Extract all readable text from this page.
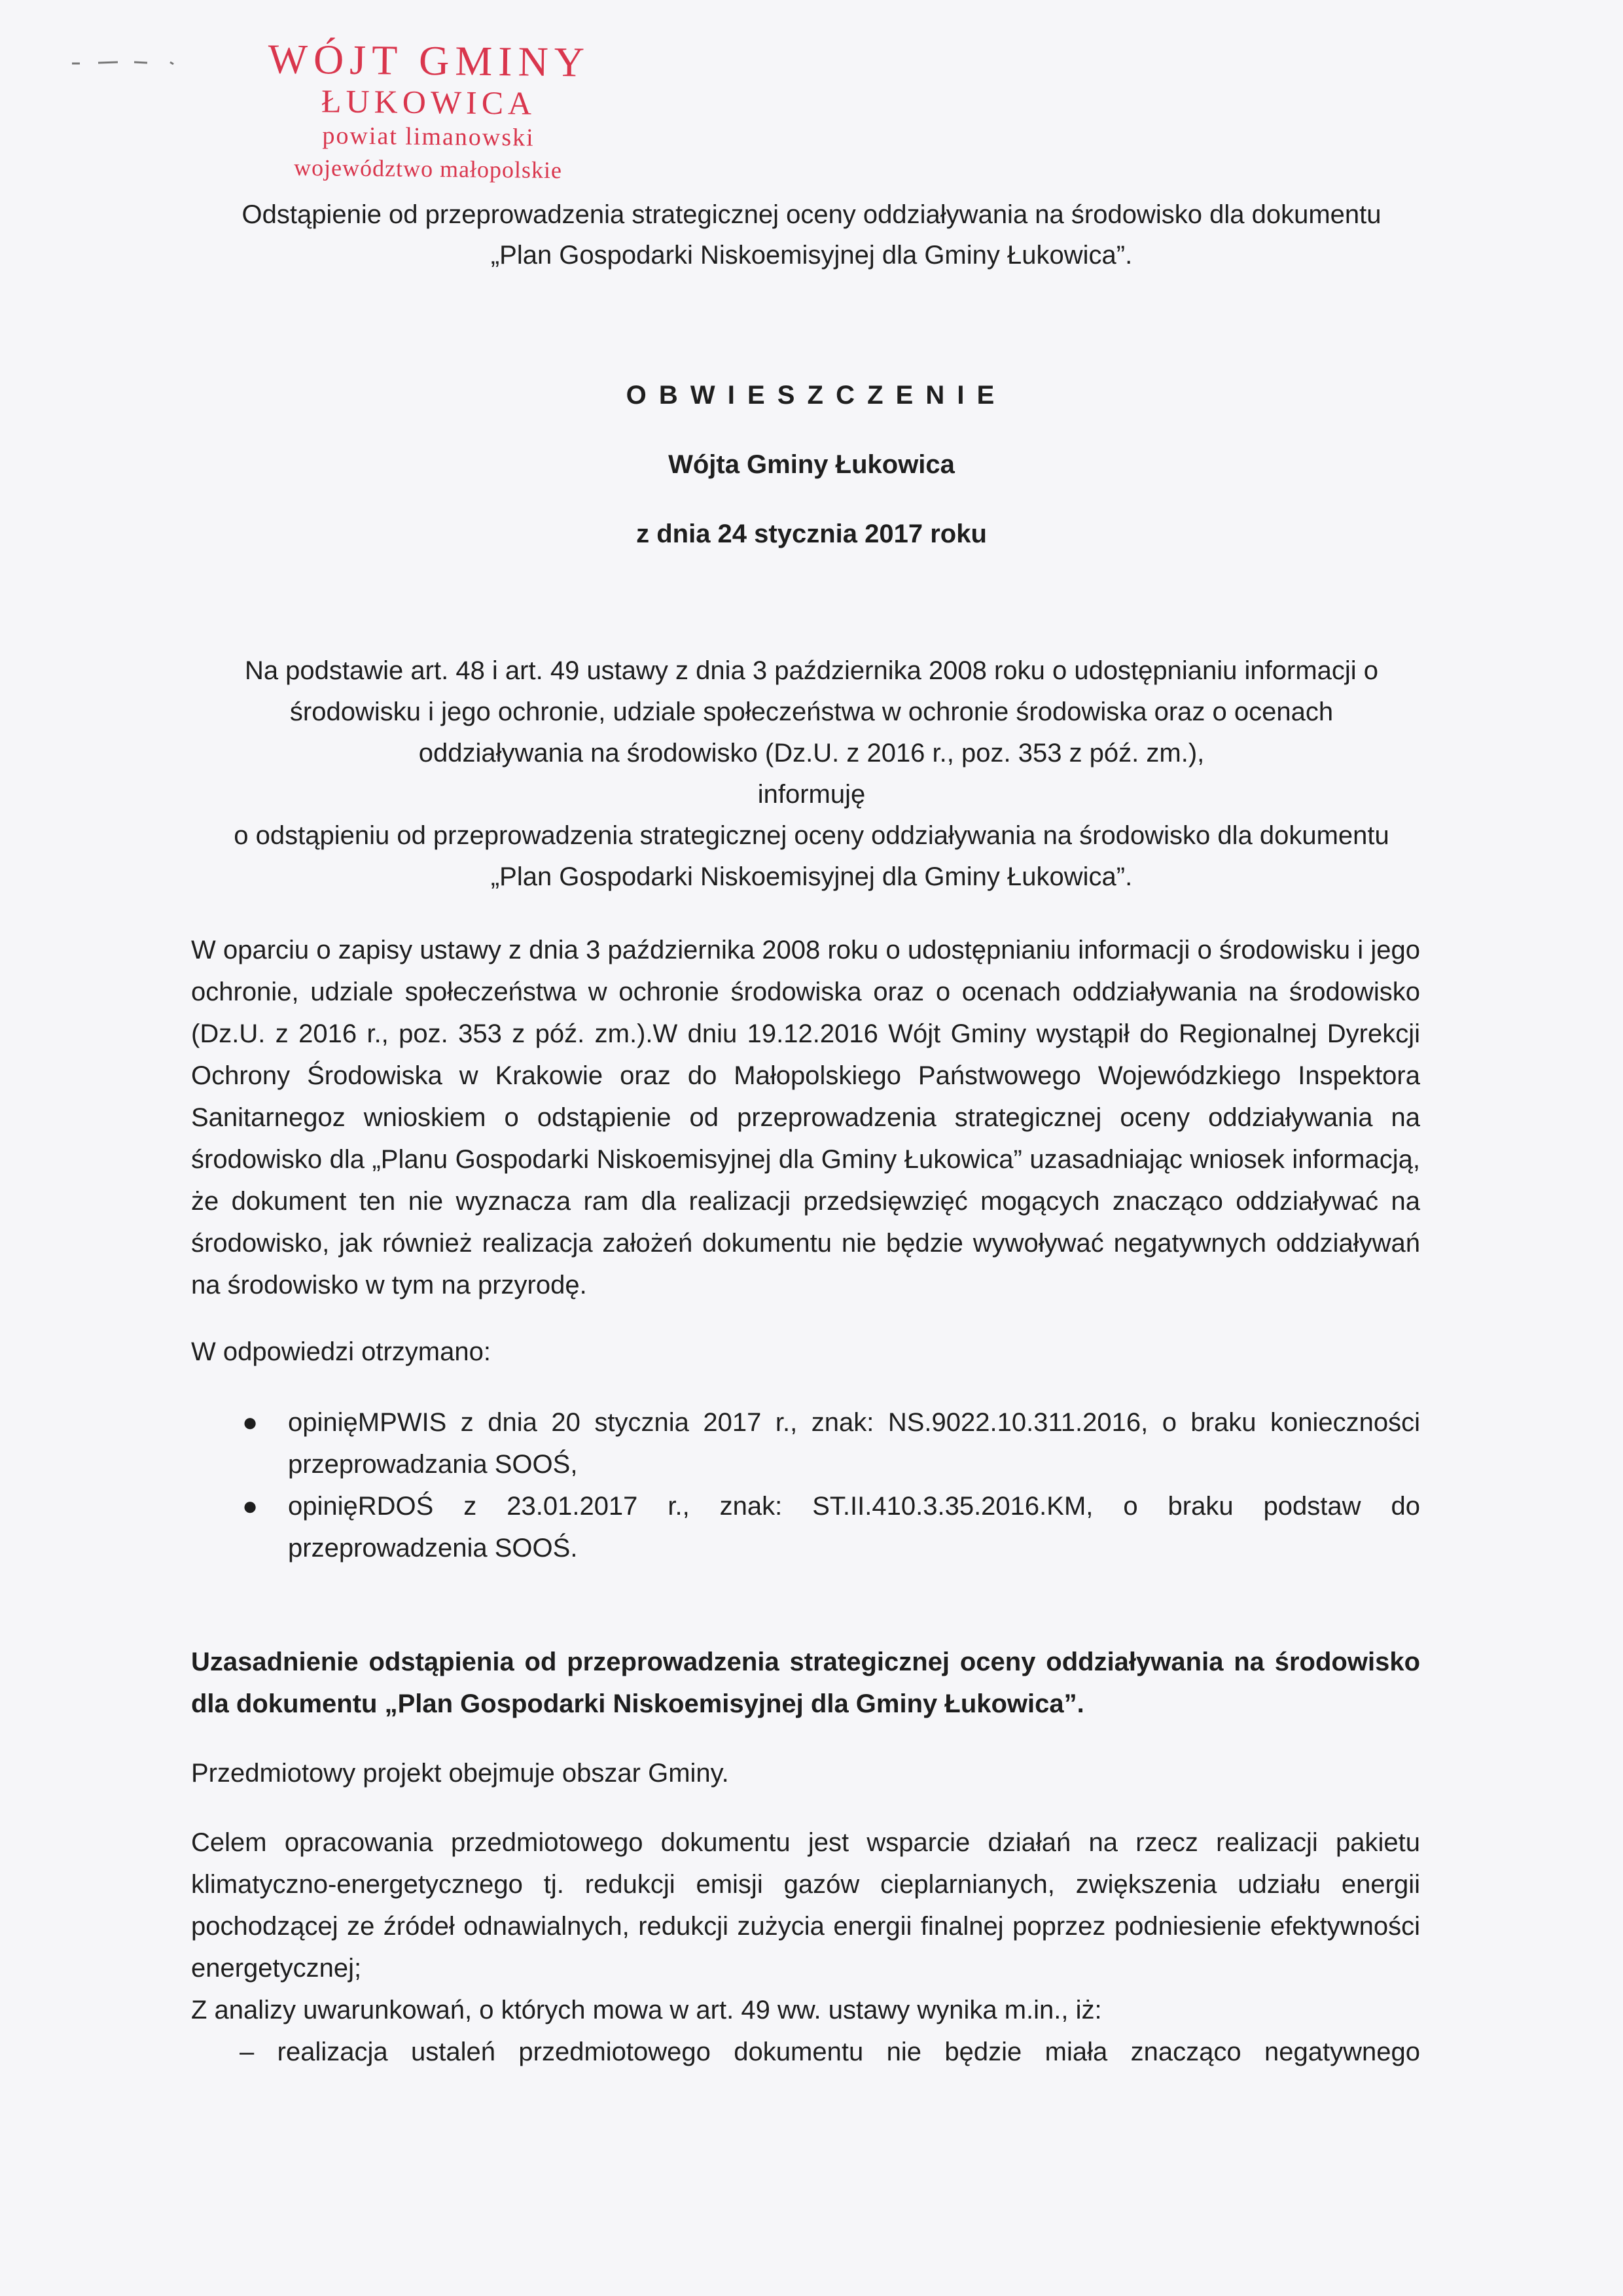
WÓJT GMINY
ŁUKOWICA
powiat limanowski
województwo małopolskie
Odstąpienie od przeprowadzenia strategicznej oceny oddziaływania na środowisko dla dokumentu
„Plan Gospodarki Niskoemisyjnej dla Gminy Łukowica”.
O B W I E S Z C Z E N I E
Wójta Gminy Łukowica
z dnia 24 stycznia 2017 roku
Na podstawie art. 48 i art. 49 ustawy z dnia 3 października 2008 roku o udostępnianiu informacji o
środowisku i jego ochronie, udziale społeczeństwa w ochronie środowiska oraz o ocenach
oddziaływania na środowisko (Dz.U. z 2016 r., poz. 353 z póź. zm.),
informuję
o odstąpieniu od przeprowadzenia strategicznej oceny oddziaływania na środowisko dla dokumentu
„Plan Gospodarki Niskoemisyjnej dla Gminy Łukowica”.
W oparciu o zapisy ustawy z dnia 3 października 2008 roku o udostępnianiu informacji o środowisku i jego ochronie, udziale społeczeństwa w ochronie środowiska oraz o ocenach oddziaływania na środowisko (Dz.U. z 2016 r., poz. 353 z póź. zm.).W dniu 19.12.2016 Wójt Gminy wystąpił do Regionalnej Dyrekcji Ochrony Środowiska w Krakowie oraz do Małopolskiego Państwowego Wojewódzkiego Inspektora Sanitarnegoz wnioskiem o odstąpienie od przeprowadzenia strategicznej oceny oddziaływania na środowisko dla „Planu Gospodarki Niskoemisyjnej dla Gminy Łukowica” uzasadniając wniosek informacją, że dokument ten nie wyznacza ram dla realizacji przedsięwzięć mogących znacząco oddziaływać na środowisko, jak również realizacja założeń dokumentu nie będzie wywoływać negatywnych oddziaływań na środowisko w tym na przyrodę.
W odpowiedzi otrzymano:
● opinięMPWIS z dnia 20 stycznia 2017 r., znak: NS.9022.10.311.2016, o braku konieczności przeprowadzania SOOŚ,
● opinięRDOŚ z 23.01.2017 r., znak: ST.II.410.3.35.2016.KM, o braku podstaw do przeprowadzenia SOOŚ.
Uzasadnienie odstąpienia od przeprowadzenia strategicznej oceny oddziaływania na środowisko dla dokumentu „Plan Gospodarki Niskoemisyjnej dla Gminy Łukowica”.
Przedmiotowy projekt obejmuje obszar Gminy.
Celem opracowania przedmiotowego dokumentu jest wsparcie działań na rzecz realizacji pakietu klimatyczno-energetycznego tj. redukcji emisji gazów cieplarnianych, zwiększenia udziału energii pochodzącej ze źródeł odnawialnych, redukcji zużycia energii finalnej poprzez podniesienie efektywności energetycznej;
Z analizy uwarunkowań, o których mowa w art. 49 ww. ustawy wynika m.in., iż:
– realizacja ustaleń przedmiotowego dokumentu nie będzie miała znacząco negatywnego
